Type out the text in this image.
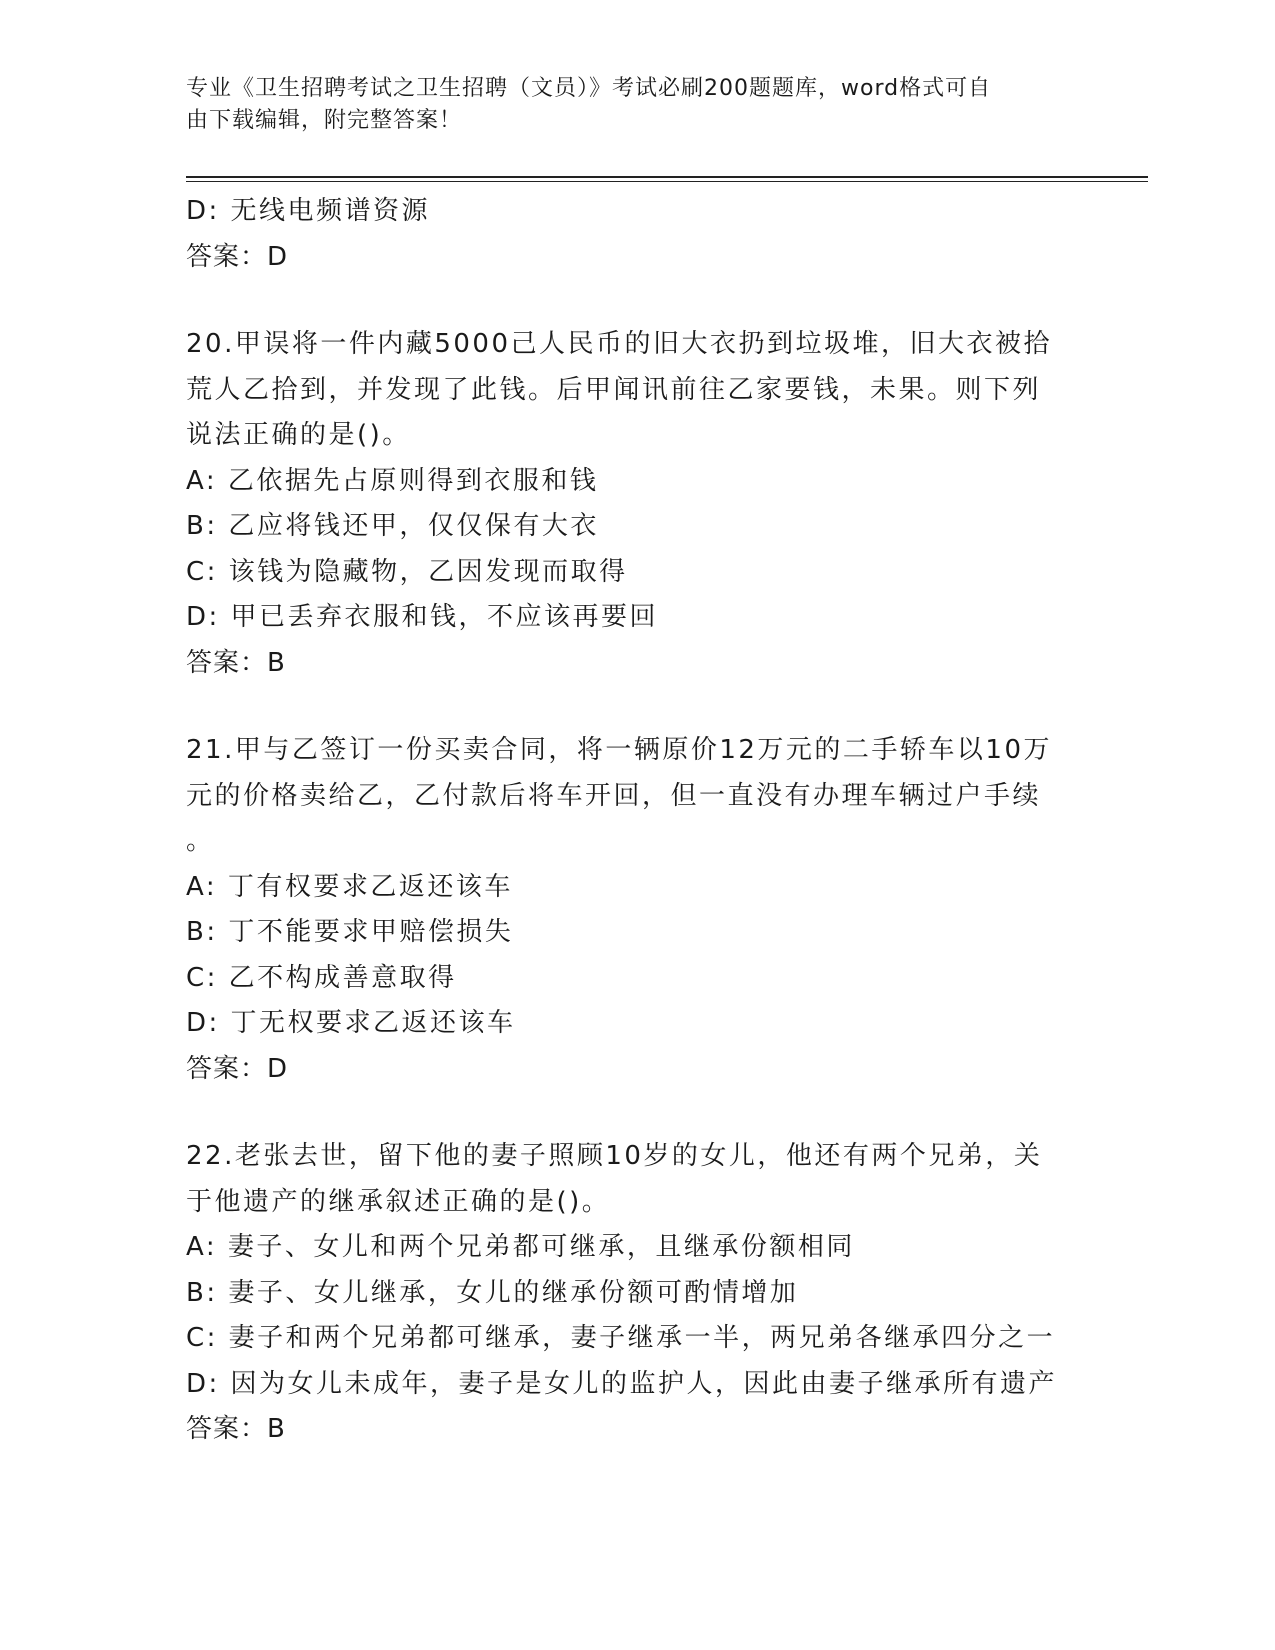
专业《卫生招聘考试之卫生招聘（文员）》考试必刷200题题库，word格式可自
由下载编辑，附完整答案！
D: 无线电频谱资源
答案：D
20.甲误将一件内藏5000己人民币的旧大衣扔到垃圾堆，旧大衣被拾
荒人乙拾到，并发现了此钱。后甲闻讯前往乙家要钱，未果。则下列
说法正确的是()。
A: 乙依据先占原则得到衣服和钱
B: 乙应将钱还甲，仅仅保有大衣
C: 该钱为隐藏物，乙因发现而取得
D: 甲已丢弃衣服和钱，不应该再要回
答案：B
21.甲与乙签订一份买卖合同，将一辆原价12万元的二手轿车以10万
元的价格卖给乙，乙付款后将车开回，但一直没有办理车辆过户手续
。
A: 丁有权要求乙返还该车
B: 丁不能要求甲赔偿损失
C: 乙不构成善意取得
D: 丁无权要求乙返还该车
答案：D
22.老张去世，留下他的妻子照顾10岁的女儿，他还有两个兄弟，关
于他遗产的继承叙述正确的是()。
A: 妻子、女儿和两个兄弟都可继承，且继承份额相同
B: 妻子、女儿继承，女儿的继承份额可酌情增加
C: 妻子和两个兄弟都可继承，妻子继承一半，两兄弟各继承四分之一
D: 因为女儿未成年，妻子是女儿的监护人，因此由妻子继承所有遗产
答案：B
